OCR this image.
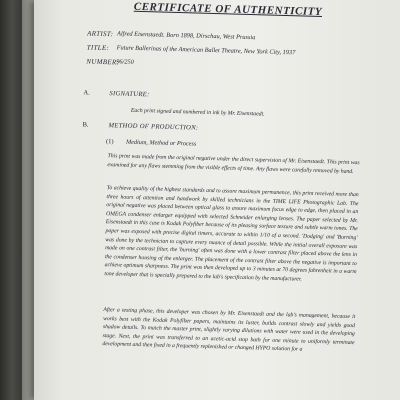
CERTIFICATE OF AUTHENTICITY
ARTIST: Alfred Eisenstaedt. Born 1898, Dirschau, West Prussia
TITLE: Future Ballerinas of the American Ballet Theatre, New York City, 1937
NUMBER:
96/250
A.	SIGNATURE:
Each print signed and numbered in ink by Mr. Eisenstaedt.
B.	METHOD OF PRODUCTION:
(1) Medium, Method or Process

This print was made from the original negative under the direct supervision of Mr. Eisenstaedt. This print was examined for any flaws stemming from the visible effects of time. Any flaws were carefully removed by hand.

To achieve quality of the highest standards and to assure maximum permanence, this print received more than three hours of attention and handwork by skilled technicians in the TIME LIFE Photographic Lab. The original negative was placed between optical glass to assure maximum focus edge to edge, then placed in an OMEGA condenser enlarger equipped with selected Schneider enlarging lenses. The paper selected by Mr. Eisenstaedt in this case is Kodak Polyfiber because of its pleasing surface texture and subtle warm tones. The paper was exposed with precise digital timers, accurate to within 1/10 of a second. 'Dodging' and 'Burning' was done by the technician to capture every nuance of detail possible. While the initial overall exposure was made on one contrast filter, the 'burning' often was done with a lower contrast filter placed above the lens in the condenser housing of the enlarger. The placement of the contrast filter above the negative is important to achieve optimum sharpness. The print was then developed up to 3 minutes at 70 degrees fahrenheit in a warm tone developer that is specially prepared to the lab's specification by the manufacturer.

After a testing phase, this developer was chosen by Mr. Eisenstaedt and the lab's management, because it works best with the Kodak Polyfiber papers, maintains its luster, builds contrast slowly and yields good shadow details. To match the master print, slightly varying dilutions with water were used in the developing stage. Next, the print was transferred to an acetic-acid stop bath for one minute to uniformly terminate development and then fixed in a frequently replenished or changed HYPO solution for a
